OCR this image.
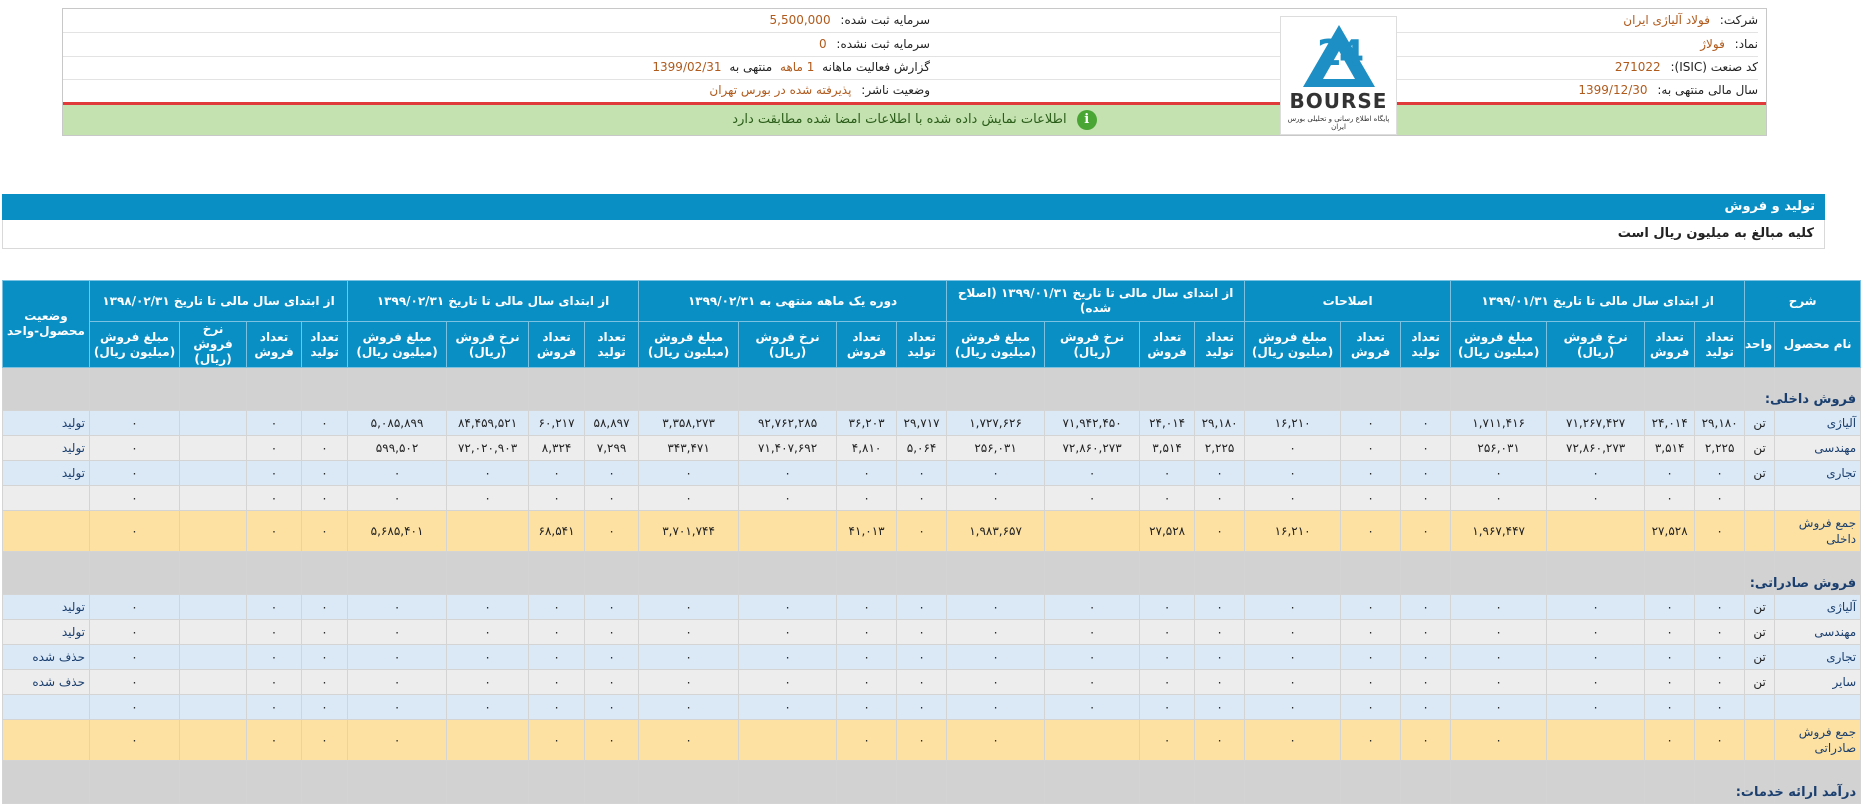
شرکت: فولاد آلیاژی ایران
نماد: فولاژ
کد صنعت (ISIC): 271022
سال مالی منتهی به: 1399/12/30
سرمایه ثبت شده: 5,500,000
سرمایه ثبت نشده: 0
گزارش فعالیت ماهانه 1 ماهه منتهی به 1399/02/31
وضعیت ناشر: پذیرفته شده در بورس تهران
i اطلاعات نمایش داده شده با اطلاعات امضا شده مطابقت دارد
24
BOURSE
پایگاه اطلاع رسانی و تحلیلی بورس ایران
تولید و فروش
کلیه مبالغ به میلیون ریال است
شرح		از ابتدای سال مالی تا تاریخ ۱۳۹۹/۰۱/۳۱				اصلاحات			از ابتدای سال مالی تا تاریخ ۱۳۹۹/۰۱/۳۱ (اصلاح شده)				دوره یک ماهه منتهی به ۱۳۹۹/۰۲/۳۱				از ابتدای سال مالی تا تاریخ ۱۳۹۹/۰۲/۳۱				از ابتدای سال مالی تا تاریخ ۱۳۹۸/۰۲/۳۱				وضعیت محصول-واحد
نام محصول	واحد	تعداد تولید	تعداد فروش	نرخ فروش (ریال)	مبلغ فروش (میلیون ریال)	تعداد تولید	تعداد فروش	مبلغ فروش (میلیون ریال)	تعداد تولید	تعداد فروش	نرخ فروش (ریال)	مبلغ فروش (میلیون ریال)	تعداد تولید	تعداد فروش	نرخ فروش (ریال)	مبلغ فروش (میلیون ریال)	تعداد تولید	تعداد فروش	نرخ فروش (ریال)	مبلغ فروش (میلیون ریال)	تعداد تولید	تعداد فروش	نرخ فروش (ریال)	مبلغ فروش (میلیون ریال)	
فروش داخلی:																									
آلیاژی	تن	۲۹,۱۸۰	۲۴,۰۱۴	۷۱,۲۶۷,۴۲۷	۱,۷۱۱,۴۱۶	۰	۰	۱۶,۲۱۰	۲۹,۱۸۰	۲۴,۰۱۴	۷۱,۹۴۲,۴۵۰	۱,۷۲۷,۶۲۶	۲۹,۷۱۷	۳۶,۲۰۳	۹۲,۷۶۲,۲۸۵	۳,۳۵۸,۲۷۳	۵۸,۸۹۷	۶۰,۲۱۷	۸۴,۴۵۹,۵۲۱	۵,۰۸۵,۸۹۹	۰	۰		۰	تولید
مهندسی	تن	۲,۲۲۵	۳,۵۱۴	۷۲,۸۶۰,۲۷۳	۲۵۶,۰۳۱	۰	۰	۰	۲,۲۲۵	۳,۵۱۴	۷۲,۸۶۰,۲۷۳	۲۵۶,۰۳۱	۵,۰۶۴	۴,۸۱۰	۷۱,۴۰۷,۶۹۲	۳۴۳,۴۷۱	۷,۲۹۹	۸,۳۲۴	۷۲,۰۲۰,۹۰۳	۵۹۹,۵۰۲	۰	۰		۰	تولید
تجاری	تن	۰	۰	۰	۰	۰	۰	۰	۰	۰	۰	۰	۰	۰	۰	۰	۰	۰	۰	۰	۰	۰		۰	تولید
		۰	۰	۰	۰	۰	۰	۰	۰	۰	۰	۰	۰	۰	۰	۰	۰	۰	۰	۰	۰	۰		۰	
جمع فروش داخلی		۰	۲۷,۵۲۸		۱,۹۶۷,۴۴۷	۰	۰	۱۶,۲۱۰	۰	۲۷,۵۲۸		۱,۹۸۳,۶۵۷	۰	۴۱,۰۱۳		۳,۷۰۱,۷۴۴	۰	۶۸,۵۴۱		۵,۶۸۵,۴۰۱	۰	۰		۰	
فروش صادراتی:																									
آلیاژی	تن	۰	۰	۰	۰	۰	۰	۰	۰	۰	۰	۰	۰	۰	۰	۰	۰	۰	۰	۰	۰	۰		۰	تولید
مهندسی	تن	۰	۰	۰	۰	۰	۰	۰	۰	۰	۰	۰	۰	۰	۰	۰	۰	۰	۰	۰	۰	۰		۰	تولید
تجاری	تن	۰	۰	۰	۰	۰	۰	۰	۰	۰	۰	۰	۰	۰	۰	۰	۰	۰	۰	۰	۰	۰		۰	حذف شده
سایر	تن	۰	۰	۰	۰	۰	۰	۰	۰	۰	۰	۰	۰	۰	۰	۰	۰	۰	۰	۰	۰	۰		۰	حذف شده
		۰	۰	۰	۰	۰	۰	۰	۰	۰	۰	۰	۰	۰	۰	۰	۰	۰	۰	۰	۰	۰		۰	
جمع فروش صادراتی		۰	۰		۰	۰	۰	۰	۰	۰		۰	۰	۰		۰	۰	۰		۰	۰	۰		۰	
درآمد ارائه خدمات:																									
